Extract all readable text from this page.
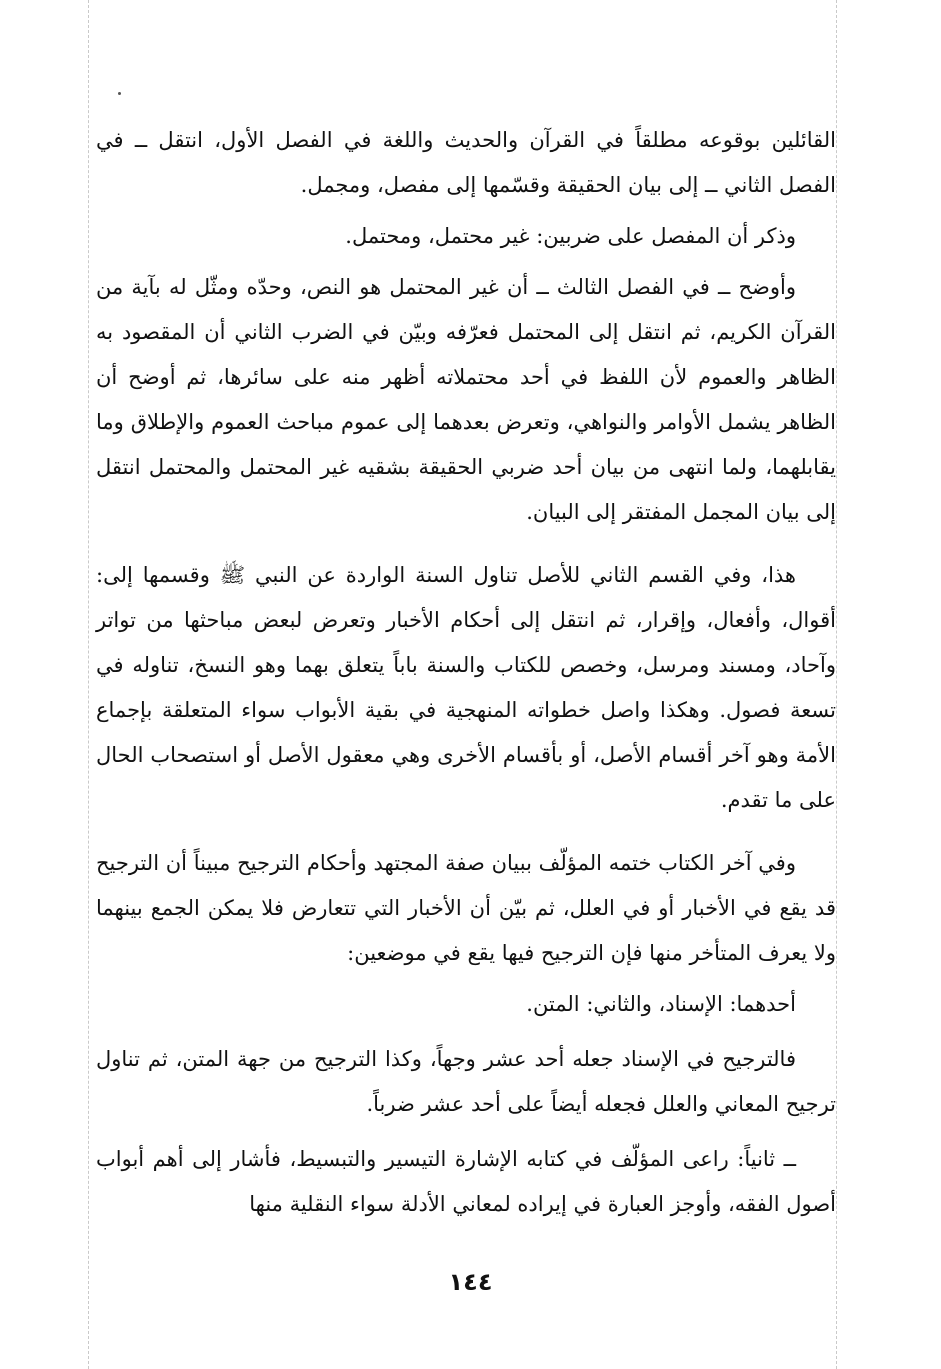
القائلين بوقوعه مطلقاً في القرآن والحديث واللغة في الفصل الأول، انتقل ــ في الفصل الثاني ــ إلى بيان الحقيقة وقسّمها إلى مفصل، ومجمل.

وذكر أن المفصل على ضربين: غير محتمل، ومحتمل.

وأوضح ــ في الفصل الثالث ــ أن غير المحتمل هو النص، وحدّه ومثّل له بآية من القرآن الكريم، ثم انتقل إلى المحتمل فعرّفه وبيّن في الضرب الثاني أن المقصود به الظاهر والعموم لأن اللفظ في أحد محتملاته أظهر منه على سائرها، ثم أوضح أن الظاهر يشمل الأوامر والنواهي، وتعرض بعدهما إلى عموم مباحث العموم والإطلاق وما يقابلهما، ولما انتهى من بيان أحد ضربي الحقيقة بشقيه غير المحتمل والمحتمل انتقل إلى بيان المجمل المفتقر إلى البيان.

هذا، وفي القسم الثاني للأصل تناول السنة الواردة عن النبي ﷺ وقسمها إلى: أقوال، وأفعال، وإقرار، ثم انتقل إلى أحكام الأخبار وتعرض لبعض مباحثها من تواتر وآحاد، ومسند ومرسل، وخصص للكتاب والسنة باباً يتعلق بهما وهو النسخ، تناوله في تسعة فصول. وهكذا واصل خطواته المنهجية في بقية الأبواب سواء المتعلقة بإجماع الأمة وهو آخر أقسام الأصل، أو بأقسام الأخرى وهي معقول الأصل أو استصحاب الحال على ما تقدم.

وفي آخر الكتاب ختمه المؤلّف ببيان صفة المجتهد وأحكام الترجيح مبيناً أن الترجيح قد يقع في الأخبار أو في العلل، ثم بيّن أن الأخبار التي تتعارض فلا يمكن الجمع بينهما ولا يعرف المتأخر منها فإن الترجيح فيها يقع في موضعين:

أحدهما: الإسناد، والثاني: المتن.

فالترجيح في الإسناد جعله أحد عشر وجهاً، وكذا الترجيح من جهة المتن، ثم تناول ترجيح المعاني والعلل فجعله أيضاً على أحد عشر ضرباً.

ــ ثانياً: راعى المؤلّف في كتابه الإشارة التيسير والتبسيط، فأشار إلى أهم أبواب أصول الفقه، وأوجز العبارة في إيراده لمعاني الأدلة سواء النقلية منها

١٤٤
